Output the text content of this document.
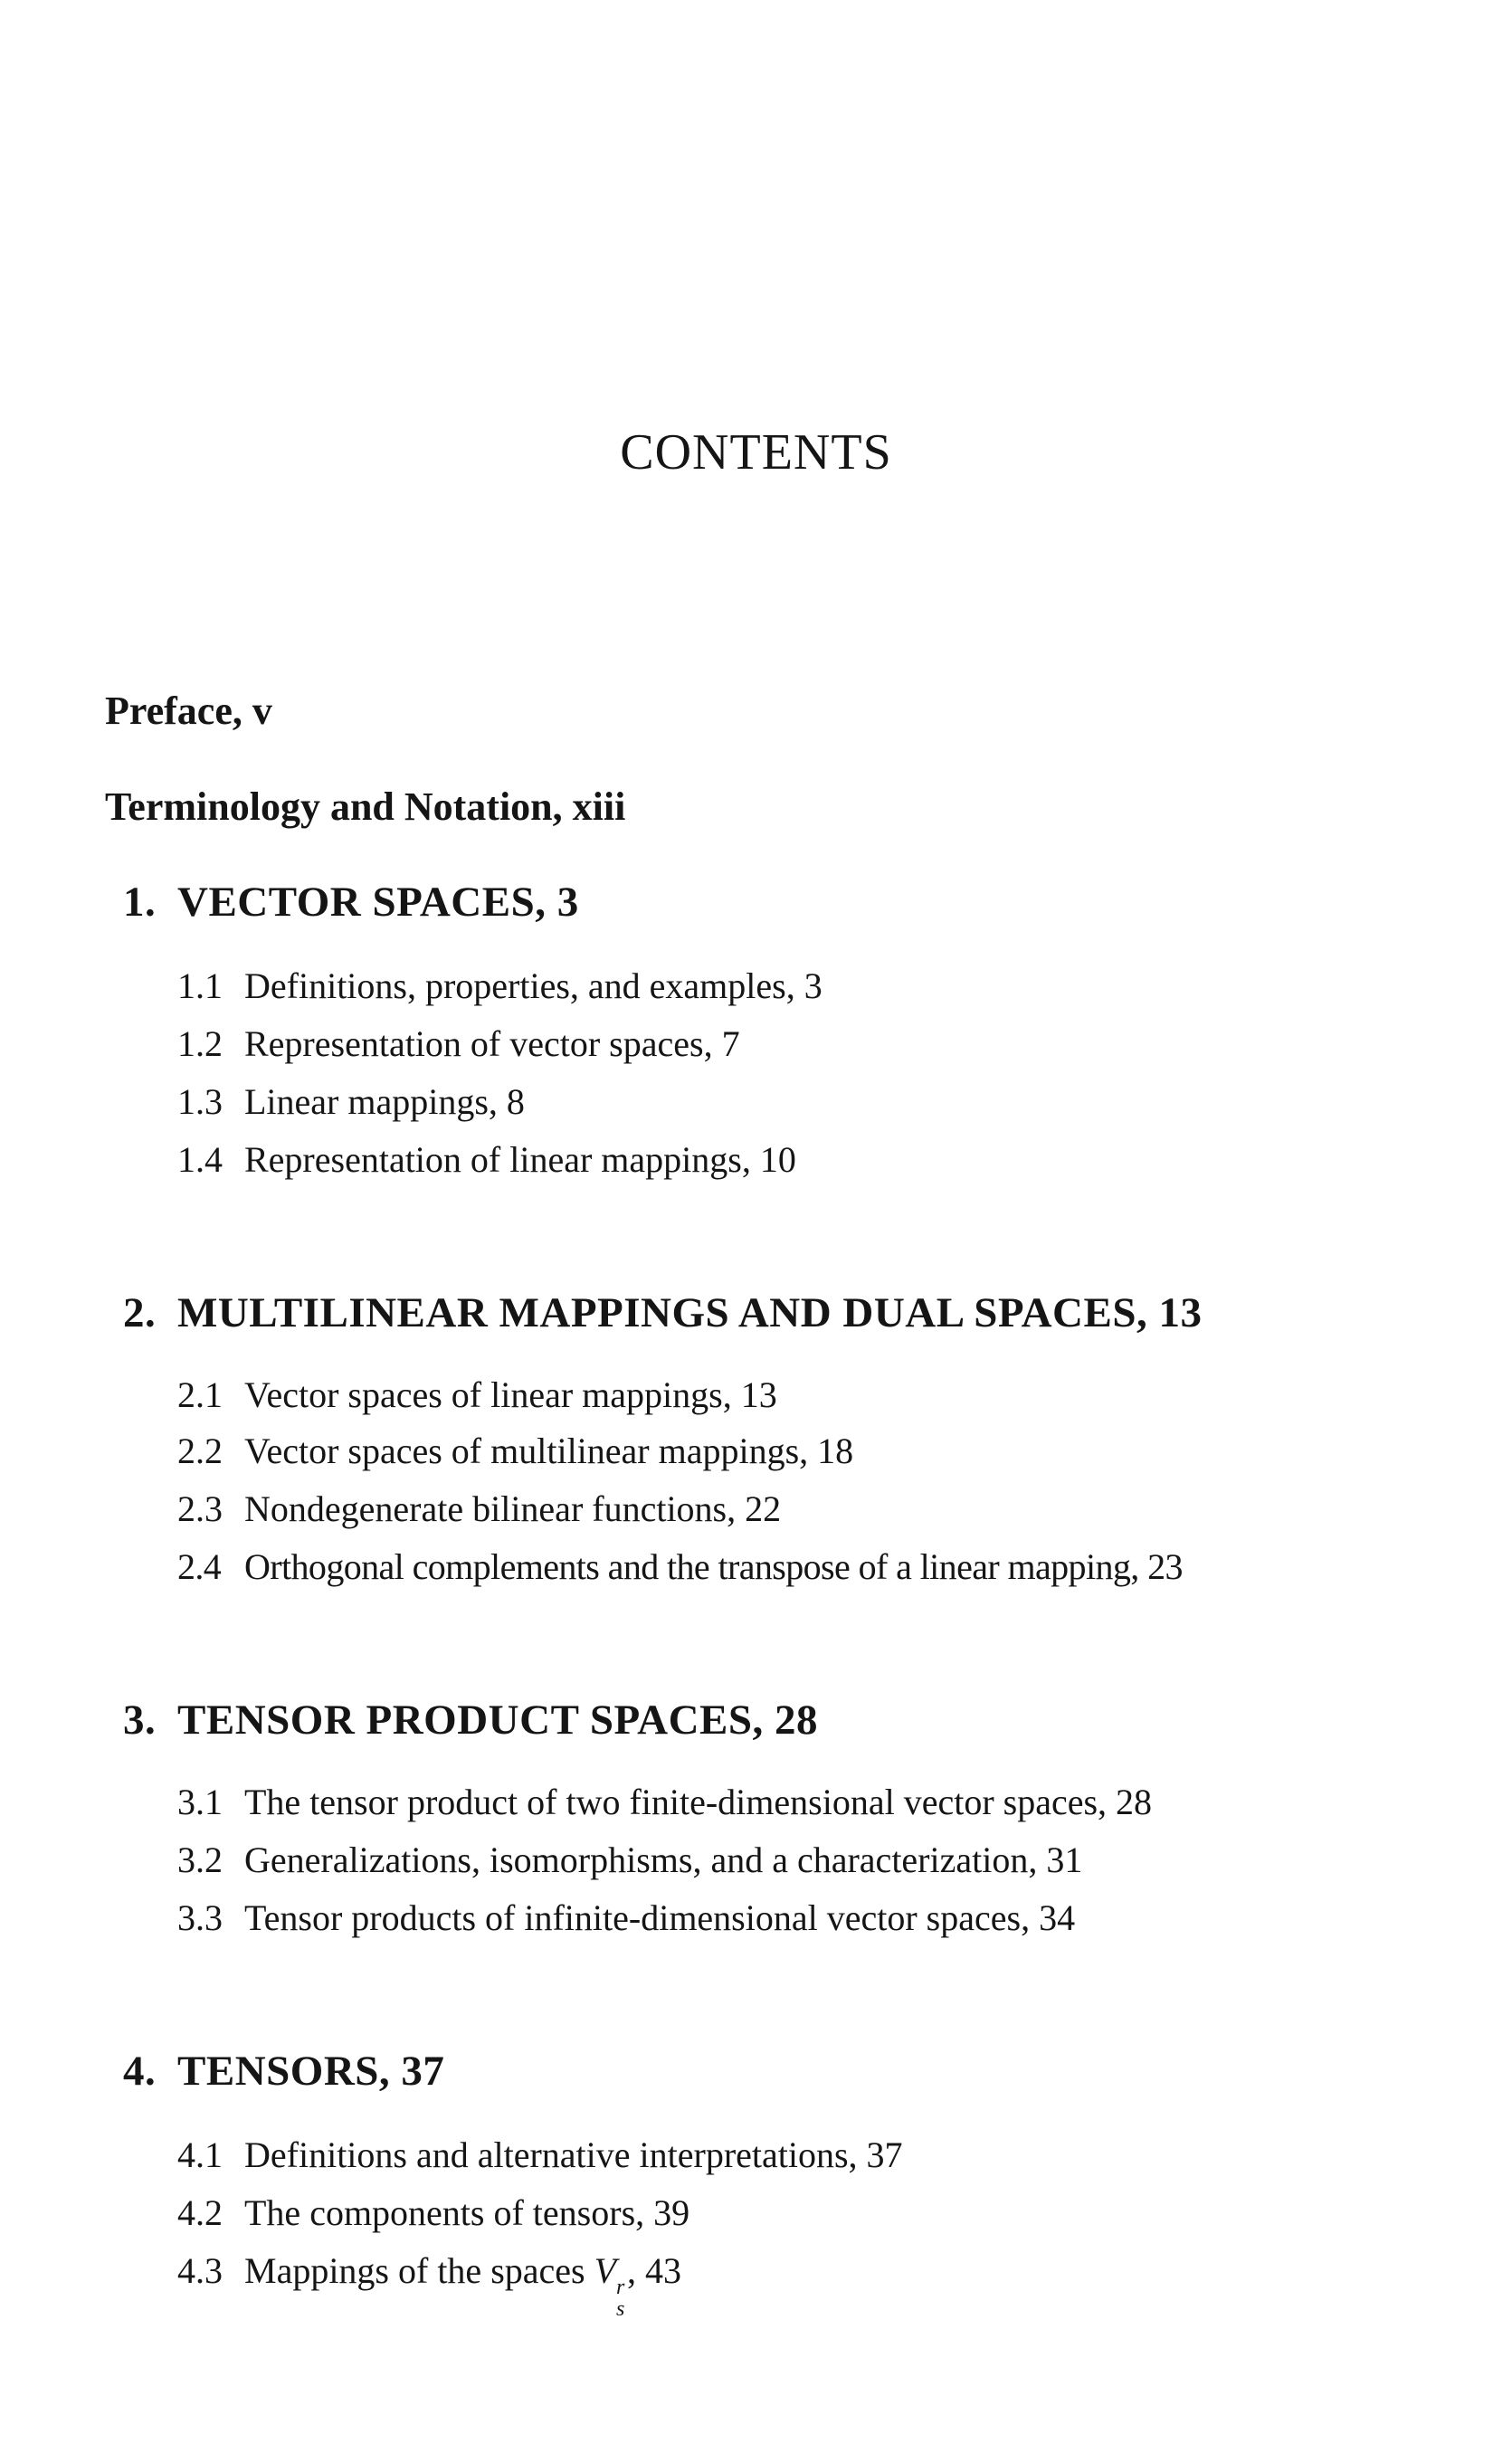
CONTENTS
Preface, v
Terminology and Notation, xiii
1. VECTOR SPACES, 3
1.1 Definitions, properties, and examples, 3
1.2 Representation of vector spaces, 7
1.3 Linear mappings, 8
1.4 Representation of linear mappings, 10
2. MULTILINEAR MAPPINGS AND DUAL SPACES, 13
2.1 Vector spaces of linear mappings, 13
2.2 Vector spaces of multilinear mappings, 18
2.3 Nondegenerate bilinear functions, 22
2.4 Orthogonal complements and the transpose of a linear mapping, 23
3. TENSOR PRODUCT SPACES, 28
3.1 The tensor product of two finite-dimensional vector spaces, 28
3.2 Generalizations, isomorphisms, and a characterization, 31
3.3 Tensor products of infinite-dimensional vector spaces, 34
4. TENSORS, 37
4.1 Definitions and alternative interpretations, 37
4.2 The components of tensors, 39
4.3 Mappings of the spaces V r
s
, 43
